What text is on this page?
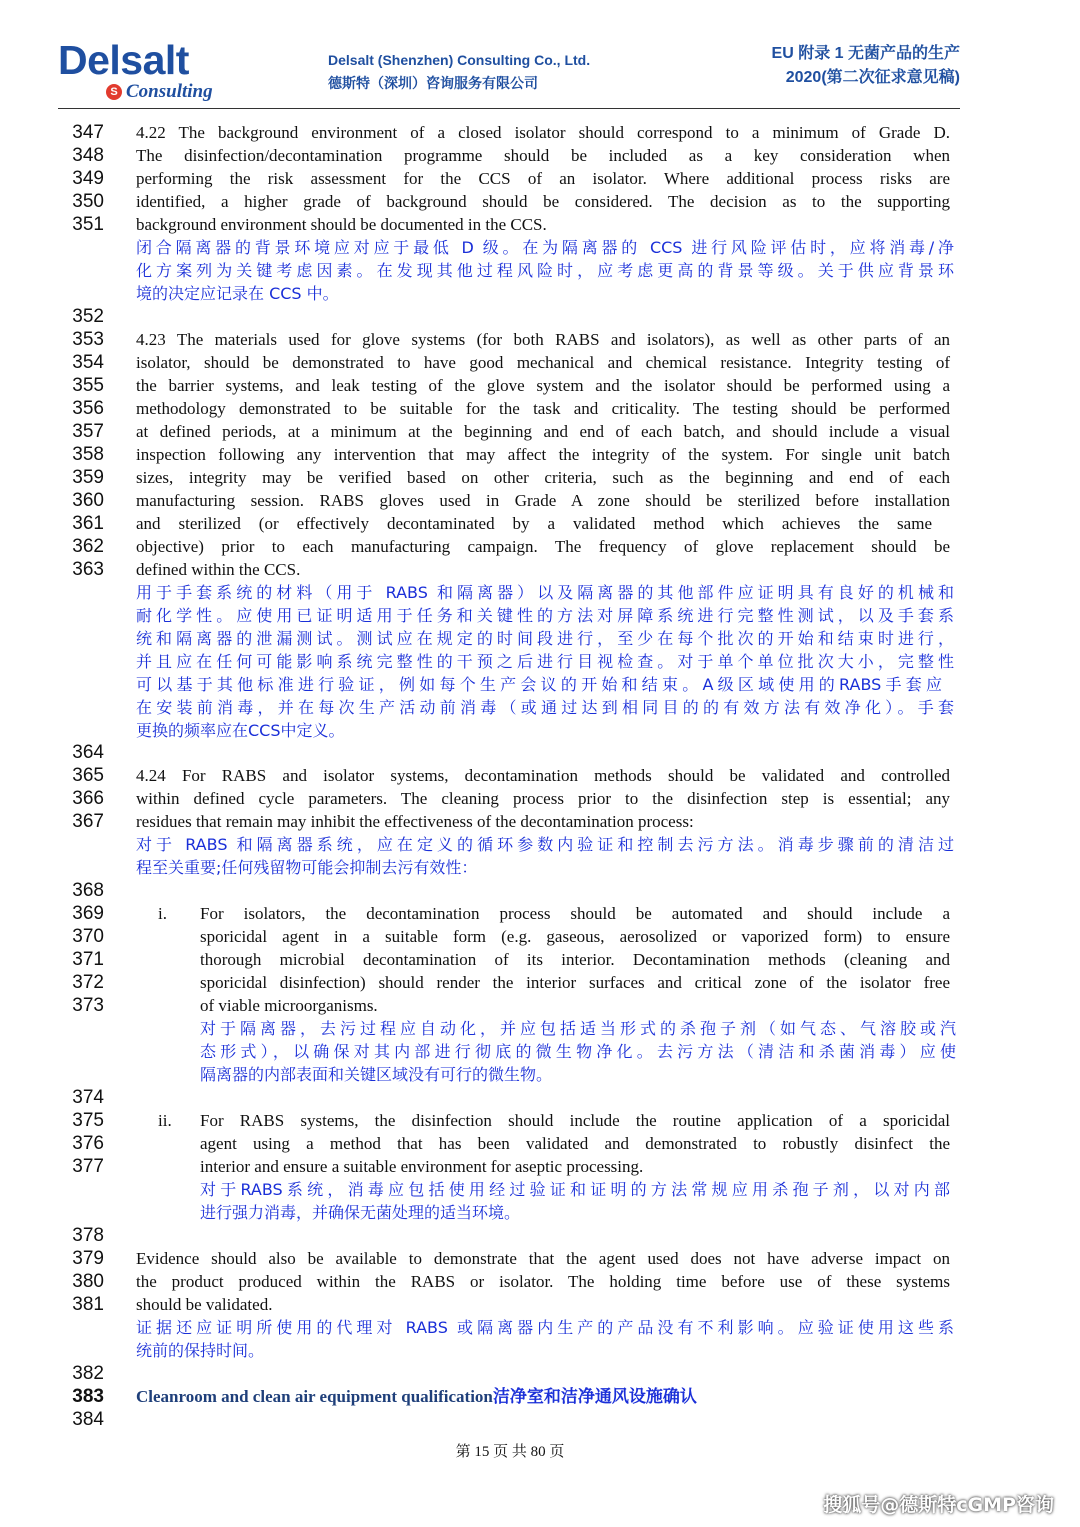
Delsalt
S Consulting
Delsalt (Shenzhen) Consulting Co., Ltd.
德斯特（深圳）咨询服务有限公司
EU 附录 1 无菌产品的生产
2020(第二次征求意见稿)
347
348
349
350
351
352
353
354
355
356
357
358
359
360
361
362
363
364
365
366
367
368
369
370
371
372
373
374
375
376
377
378
379
380
381
382
383
384
4.22 The background environment of a closed isolator should correspond to a minimum of Grade D.
The disinfection/decontamination programme should be included as a key consideration when
performing the risk assessment for the CCS of an isolator. Where additional process risks are
identified, a higher grade of background should be considered. The decision as to the supporting
background environment should be documented in the CCS.
闭合隔离器的背景环境应对应于最低 D 级。在为隔离器的 CCS 进行风险评估时，应将消毒/净
化方案列为关键考虑因素。在发现其他过程风险时，应考虑更高的背景等级。关于供应背景环
境的决定应记录在 CCS 中。
4.23 The materials used for glove systems (for both RABS and isolators), as well as other parts of an
isolator, should be demonstrated to have good mechanical and chemical resistance. Integrity testing of
the barrier systems, and leak testing of the glove system and the isolator should be performed using a
methodology demonstrated to be suitable for the task and criticality. The testing should be performed
at defined periods, at a minimum at the beginning and end of each batch, and should include a visual
inspection following any intervention that may affect the integrity of the system. For single unit batch
sizes, integrity may be verified based on other criteria, such as the beginning and end of each
manufacturing session. RABS gloves used in Grade A zone should be sterilized before installation
and sterilized (or effectively decontaminated by a validated method which achieves the same
objective) prior to each manufacturing campaign. The frequency of glove replacement should be
defined within the CCS.
用于手套系统的材料（用于 RABS 和隔离器）以及隔离器的其他部件应证明具有良好的机械和
耐化学性。应使用已证明适用于任务和关键性的方法对屏障系统进行完整性测试，以及手套系
统和隔离器的泄漏测试。测试应在规定的时间段进行，至少在每个批次的开始和结束时进行，
并且应在任何可能影响系统完整性的干预之后进行目视检查。对于单个单位批次大小，完整性
可以基于其他标准进行验证，例如每个生产会议的开始和结束。A级区域使用的RABS手套应
在安装前消毒，并在每次生产活动前消毒（或通过达到相同目的的有效方法有效净化）。手套
更换的频率应在CCS中定义。
4.24 For RABS and isolator systems, decontamination methods should be validated and controlled
within defined cycle parameters. The cleaning process prior to the disinfection step is essential; any
residues that remain may inhibit the effectiveness of the decontamination process:
对于 RABS 和隔离器系统，应在定义的循环参数内验证和控制去污方法。消毒步骤前的清洁过
程至关重要;任何残留物可能会抑制去污有效性：
i. For isolators, the decontamination process should be automated and should include a
sporicidal agent in a suitable form (e.g. gaseous, aerosolized or vaporized form) to ensure
thorough microbial decontamination of its interior. Decontamination methods (cleaning and
sporicidal disinfection) should render the interior surfaces and critical zone of the isolator free
of viable microorganisms.
对于隔离器，去污过程应自动化，并应包括适当形式的杀孢子剂（如气态、气溶胶或汽
态形式），以确保对其内部进行彻底的微生物净化。去污方法（清洁和杀菌消毒）应使
隔离器的内部表面和关键区域没有可行的微生物。
ii. For RABS systems, the disinfection should include the routine application of a sporicidal
agent using a method that has been validated and demonstrated to robustly disinfect the
interior and ensure a suitable environment for aseptic processing.
对于RABS系统，消毒应包括使用经过验证和证明的方法常规应用杀孢子剂，以对内部
进行强力消毒，并确保无菌处理的适当环境。
Evidence should also be available to demonstrate that the agent used does not have adverse impact on
the product produced within the RABS or isolator. The holding time before use of these systems
should be validated.
证据还应证明所使用的代理对 RABS 或隔离器内生产的产品没有不利影响。应验证使用这些系
统前的保持时间。
Cleanroom and clean air equipment qualification洁净室和洁净通风设施确认
第 15 页 共 80 页
搜狐号@德斯特cGMP咨询
